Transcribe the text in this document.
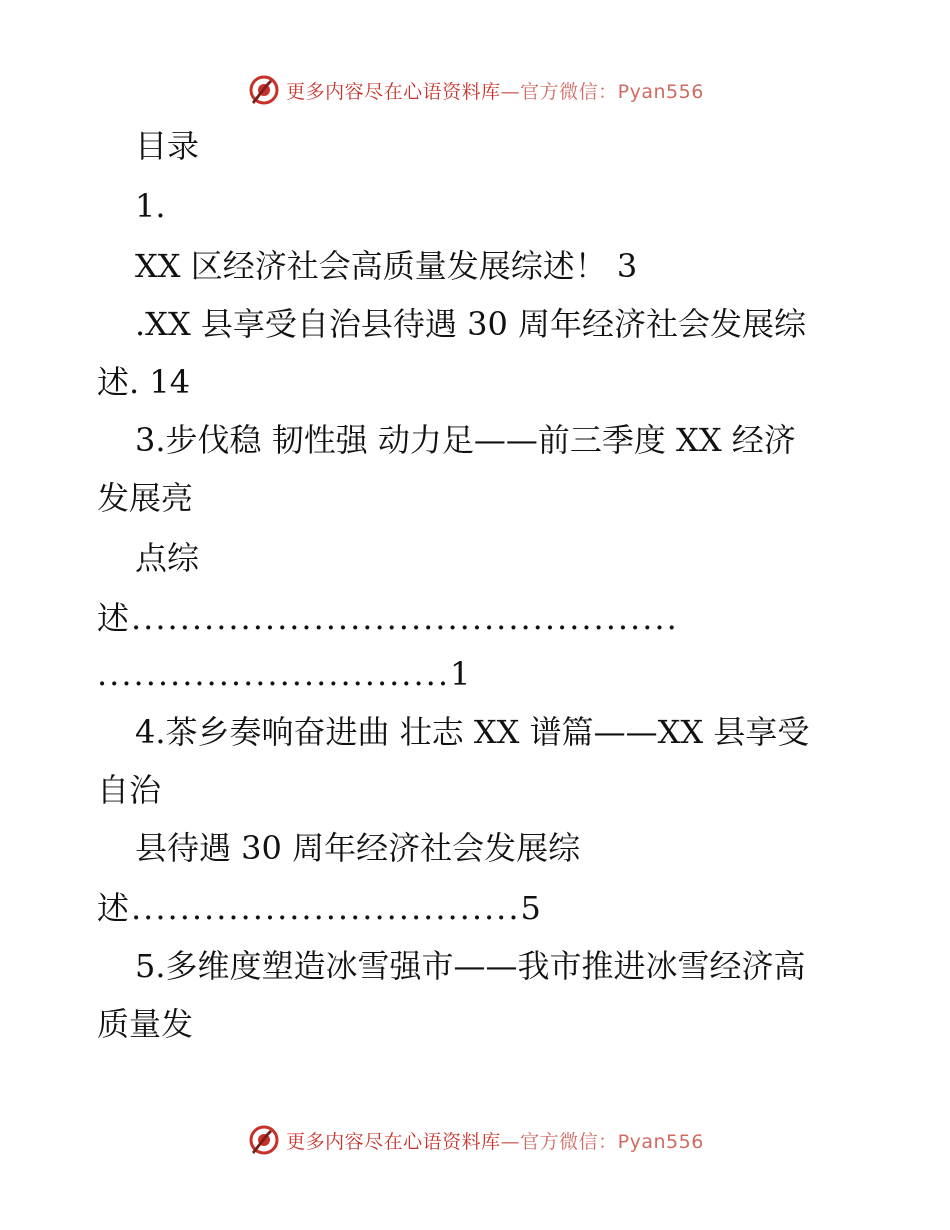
更多内容尽在心语资料库 —官方微信：Pyan556
目录
1.
XX 区经济社会高质量发展综述！ 3
.XX 县享受自治县待遇 30 周年经济社会发展综
述. 14
3.步伐稳 韧性强 动力足——前三季度 XX 经济
发展亮
点综
述.............................................
.............................1
4.茶乡奏响奋进曲 壮志 XX 谱篇——XX 县享受
自治
县待遇 30 周年经济社会发展综
述................................5
5.多维度塑造冰雪强市——我市推进冰雪经济高
质量发
更多内容尽在心语资料库 —官方微信：Pyan556
